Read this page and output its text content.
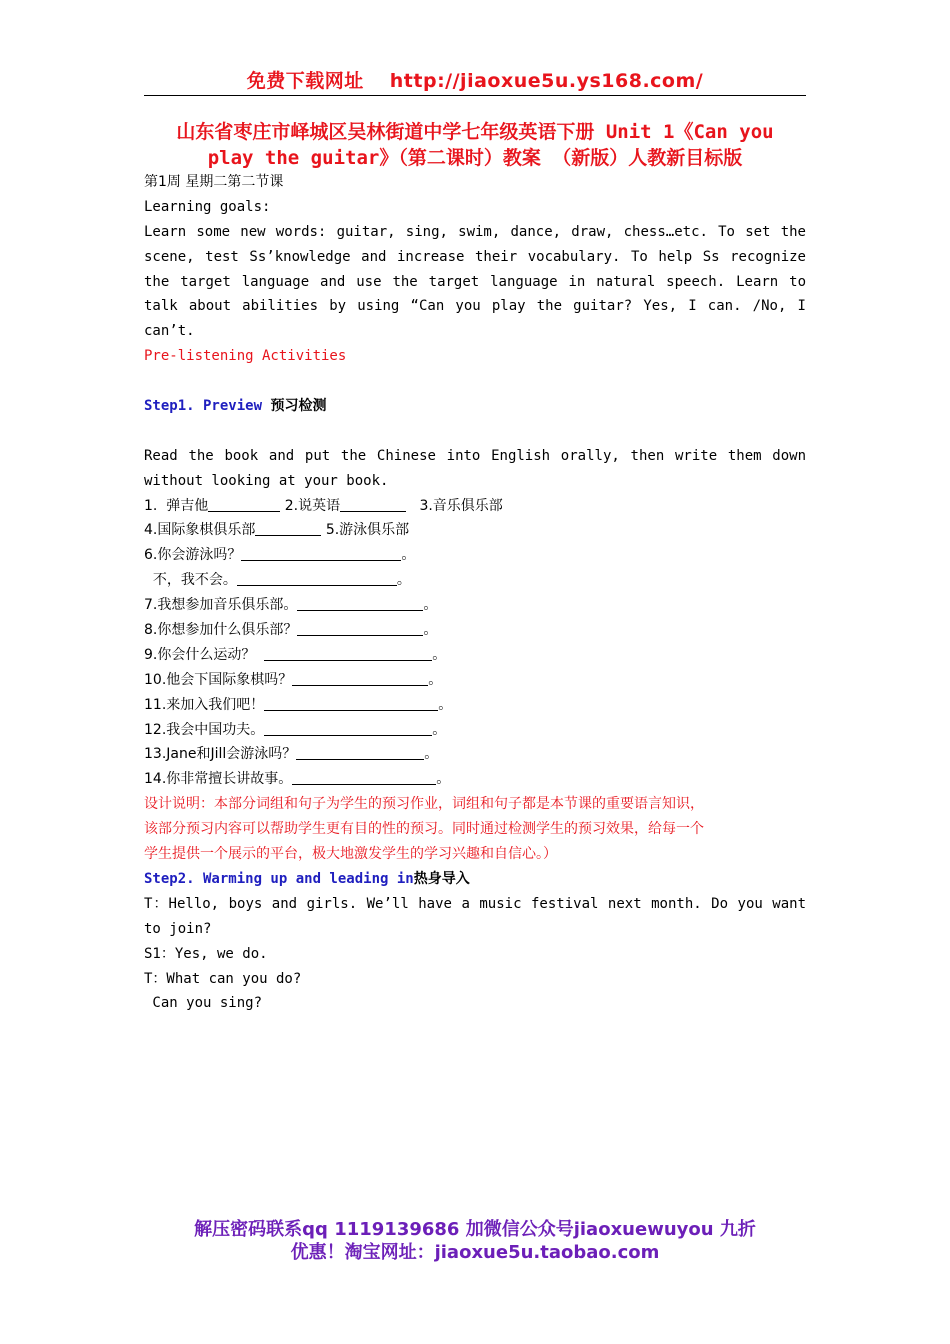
免费下载网址 http://jiaoxue5u.ys168.com/
山东省枣庄市峄城区吴林街道中学七年级英语下册 Unit 1《Can you
play the guitar》（第二课时）教案 （新版）人教新目标版
第1周 星期二第二节课
Learning goals:
Learn some new words: guitar, sing, swim, dance, draw, chess…etc. To set the
scene, test Ss’knowledge and increase their vocabulary. To help Ss recognize
the target language and use the target language in natural speech. Learn to
talk about abilities by using “Can you play the guitar? Yes, I can. /No, I
can’t.
Pre-listening Activities
Step1. Preview 预习检测
Read the book and put the Chinese into English orally, then write them down
without looking at your book.
1.  弹吉他	2.说英语	3.音乐俱乐部
4.国际象棋俱乐部	5.游泳俱乐部
6.你会游泳吗？	。
不，我不会。	。
7.我想参加音乐俱乐部。	。
8.你想参加什么俱乐部？	。
9.你会什么运动？	。
10.他会下国际象棋吗？	。
11.来加入我们吧！	。
12.我会中国功夫。	。
13.Jane和Jill会游泳吗？	。
14.你非常擅长讲故事。	。
设计说明：本部分词组和句子为学生的预习作业，词组和句子都是本节课的重要语言知识，
该部分预习内容可以帮助学生更有目的性的预习。同时通过检测学生的预习效果，给每一个
学生提供一个展示的平台，极大地激发学生的学习兴趣和自信心。）
Step2. Warming up and leading in热身导入
T：Hello, boys and girls. We’ll have a music festival next month. Do you want
to join?
S1：Yes, we do.
T：What can you do?
Can you sing?
解压密码联系qq 1119139686 加微信公众号jiaoxuewuyou 九折
优惠！淘宝网址：jiaoxue5u.taobao.com
